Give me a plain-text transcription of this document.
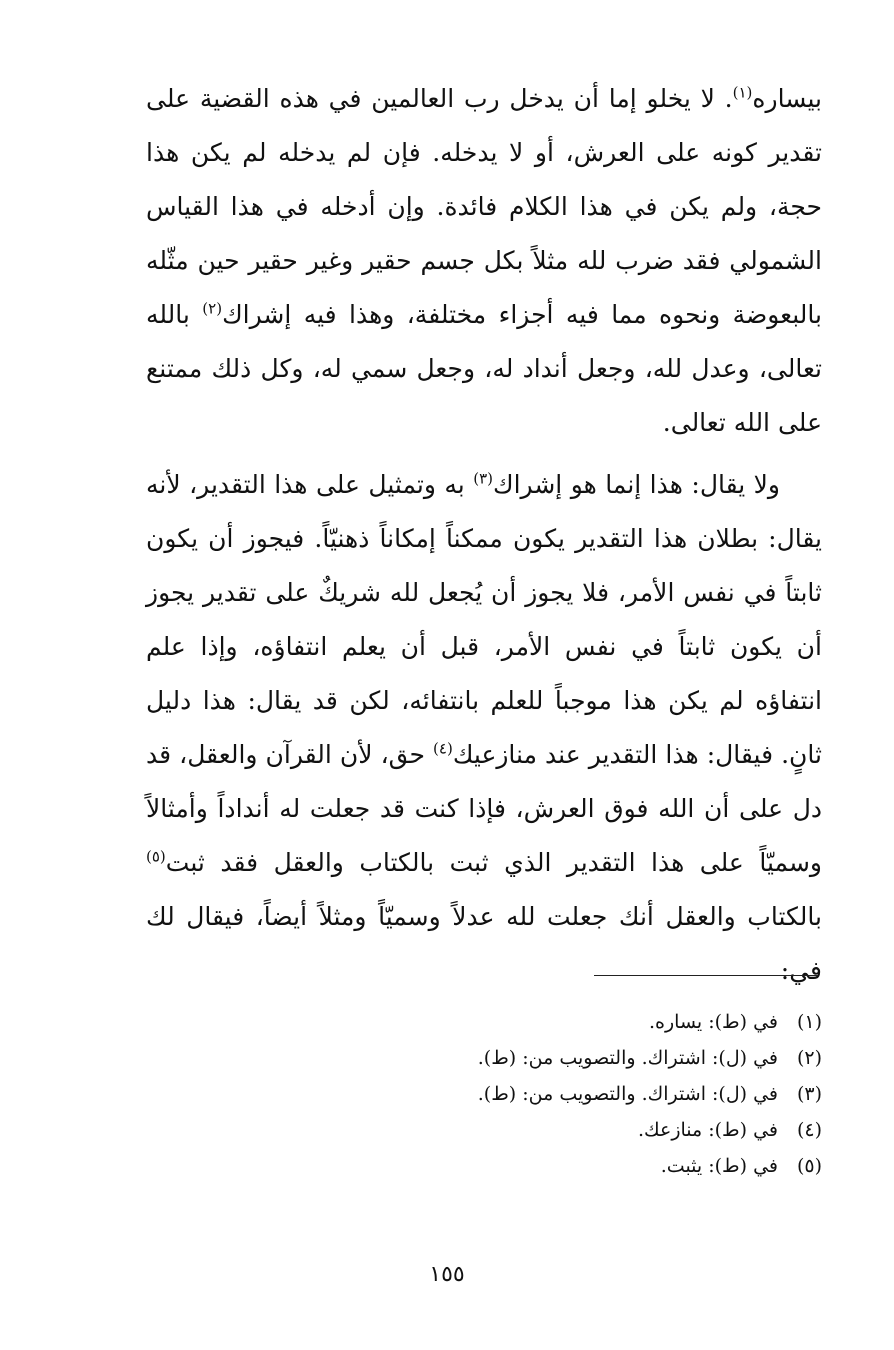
بيساره$^{(١)}$. لا يخلو إما أن يدخل رب العالمين في هذه القضية على تقدير كونه على العرش، أو لا يدخله. فإن لم يدخله لم يكن هذا حجة، ولم يكن في هذا الكلام فائدة. وإن أدخله في هذا القياس الشمولي فقد ضرب لله مثلاً بكل جسم حقير وغير حقير حين مثّله بالبعوضة ونحوه مما فيه أجزاء مختلفة، وهذا فيه إشراك$^{(٢)}$ بالله تعالى، وعدل لله، وجعل أنداد له، وجعل سمي له، وكل ذلك ممتنع على الله تعالى.

ولا يقال: هذا إنما هو إشراك$^{(٣)}$ به وتمثيل على هذا التقدير، لأنه يقال: بطلان هذا التقدير يكون ممكناً إمكاناً ذهنيّاً. فيجوز أن يكون ثابتاً في نفس الأمر، فلا يجوز أن يُجعل لله شريكٌ على تقدير يجوز أن يكون ثابتاً في نفس الأمر، قبل أن يعلم انتفاؤه، وإذا علم انتفاؤه لم يكن هذا موجباً للعلم بانتفائه، لكن قد يقال: هذا دليل ثانٍ. فيقال: هذا التقدير عند منازعيك$^{(٤)}$ حق، لأن القرآن والعقل، قد دل على أن الله فوق العرش، فإذا كنت قد جعلت له أنداداً وأمثالاً وسميّاً على هذا التقدير الذي ثبت بالكتاب والعقل فقد ثبت$^{(٥)}$ بالكتاب والعقل أنك جعلت لله عدلاً وسميّاً ومثلاً أيضاً، فيقال لك في:

(١)
في (ط): يساره.
(٢)
في (ل): اشتراك. والتصويب من: (ط).
(٣)
في (ل): اشتراك. والتصويب من: (ط).
(٤)
في (ط): منازعك.
(٥)
في (ط): يثبت.
١٥٥
